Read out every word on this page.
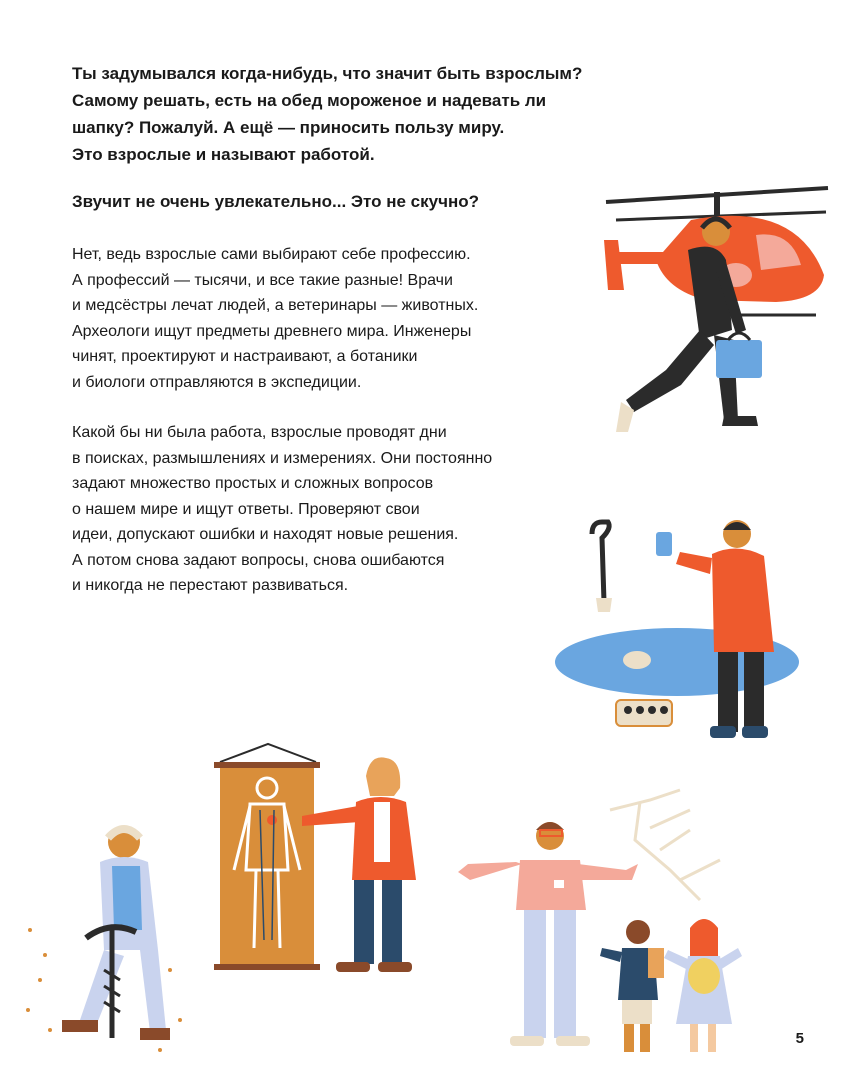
Ты задумывался когда-нибудь, что значит быть взрослым?
Самому решать, есть на обед мороженое и надевать ли
шапку? Пожалуй. А ещё — приносить пользу миру.
Это взрослые и называют работой.

Звучит не очень увлекательно... Это не скучно?

Нет, ведь взрослые сами выбирают себе профессию.
А профессий — тысячи, и все такие разные! Врачи
и медсёстры лечат людей, а ветеринары — животных.
Археологи ищут предметы древнего мира. Инженеры
чинят, проектируют и настраивают, а ботаники
и биологи отправляются в экспедиции.

Какой бы ни была работа, взрослые проводят дни
в поисках, размышлениях и измерениях. Они постоянно
задают множество простых и сложных вопросов
о нашем мире и ищут ответы. Проверяют свои
идеи, допускают ошибки и находят новые решения.
А потом снова задают вопросы, снова ошибаются
и никогда не перестают развиваться.

5
